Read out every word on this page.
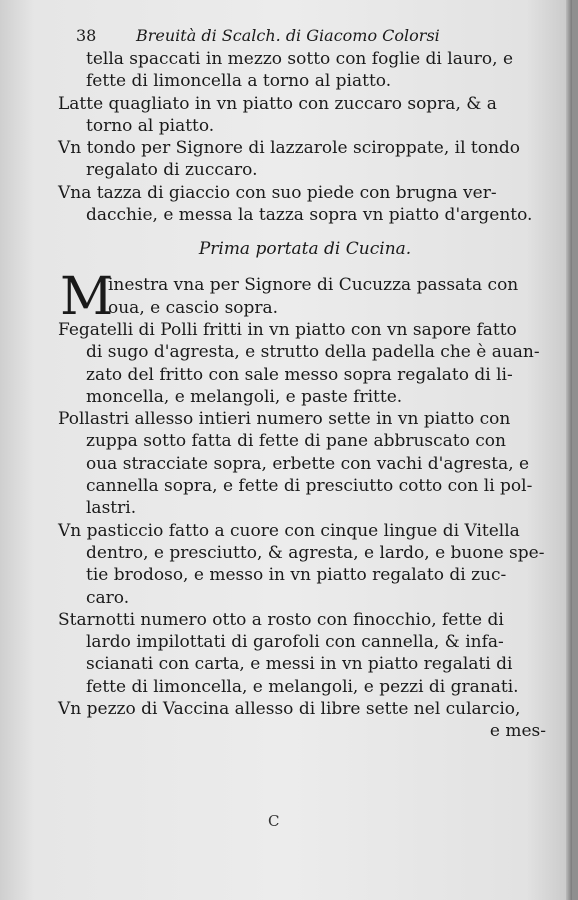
38 Breuità di Scalch. di Giacomo Colorsi
tella spaccati in mezzo sotto con foglie di lauro, e
fette di limoncella a torno al piatto.
Latte quagliato in vn piatto con zuccaro sopra, & a
torno al piatto.
Vn tondo per Signore di lazzarole sciroppate, il tondo
regalato di zuccaro.
Vna tazza di giaccio con suo piede con brugna ver-
dacchie, e messa la tazza sopra vn piatto d'argento.
Prima portata di Cucina.
M
inestra vna per Signore di Cucuzza passata con
oua, e cascio sopra.
Fegatelli di Polli fritti in vn piatto con vn sapore fatto
di sugo d'agresta, e strutto della padella che è auan-
zato del fritto con sale messo sopra regalato di li-
moncella, e melangoli, e paste fritte.
Pollastri allesso intieri numero sette in vn piatto con
zuppa sotto fatta di fette di pane abbruscato con
oua stracciate sopra, erbette con vachi d'agresta, e
cannella sopra, e fette di presciutto cotto con li pol-
lastri.
Vn pasticcio fatto a cuore con cinque lingue di Vitella
dentro, e presciutto, & agresta, e lardo, e buone spe-
tie brodoso, e messo in vn piatto regalato di zuc-
caro.
Starnotti numero otto a rosto con finocchio, fette di
lardo impilottati di garofoli con cannella, & infa-
scianati con carta, e messi in vn piatto regalati di
fette di limoncella, e melangoli, e pezzi di granati.
Vn pezzo di Vaccina allesso di libre sette nel cularcio,
e mes-
C
